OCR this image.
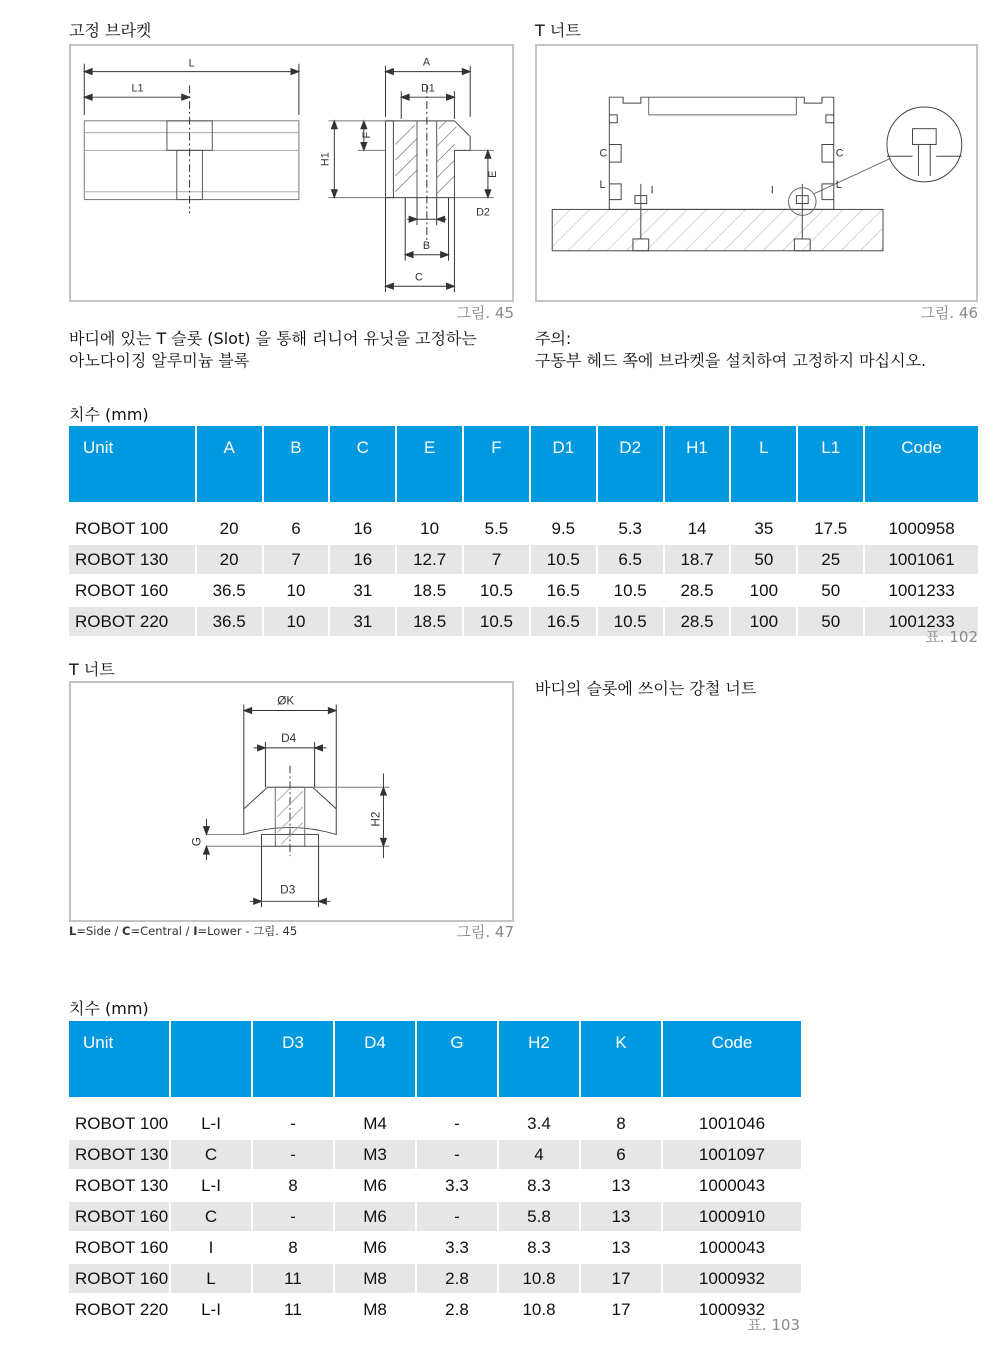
고정 브라켓	T 너트
L
L1
A
D1
F
H1
E
D2
B
C
그림. 45
C
L	I
C
L
I
그림. 46
바디에 있는 T 슬롯 (Slot) 을 통해 리니어 유닛을 고정하는
아노다이징 알루미늄 블록
주의:
구동부 헤드 쪽에 브라켓을 설치하여 고정하지 마십시오.
치수 (mm)
Unit	A	B	C	E	F	D1	D2	H1	L	L1	Code

ROBOT 100	20	6	16	10	5.5	9.5	5.3	14	35	17.5	1000958
ROBOT 130	20	7	16	12.7	7	10.5	6.5	18.7	50	25	1001061
ROBOT 160	36.5	10	31	18.5	10.5	16.5	10.5	28.5	100	50	1001233
ROBOT 220	36.5	10	31	18.5	10.5	16.5	10.5	28.5	100	50	1001233
표. 102
T 너트
바디의 슬롯에 쓰이는 강철 너트
ØK
D4
H2
G
D3
L=Side / C=Central / I=Lower - 그림. 45	그림. 47
치수 (mm)
Unit		D3	D4	G	H2	K	Code

ROBOT 100	L-I	-	M4	-	3.4	8	1001046
ROBOT 130	C	-	M3	-	4	6	1001097
ROBOT 130	L-I	8	M6	3.3	8.3	13	1000043
ROBOT 160	C	-	M6	-	5.8	13	1000910
ROBOT 160	I	8	M6	3.3	8.3	13	1000043
ROBOT 160	L	11	M8	2.8	10.8	17	1000932
ROBOT 220	L-I	11	M8	2.8	10.8	17	1000932
표. 103
